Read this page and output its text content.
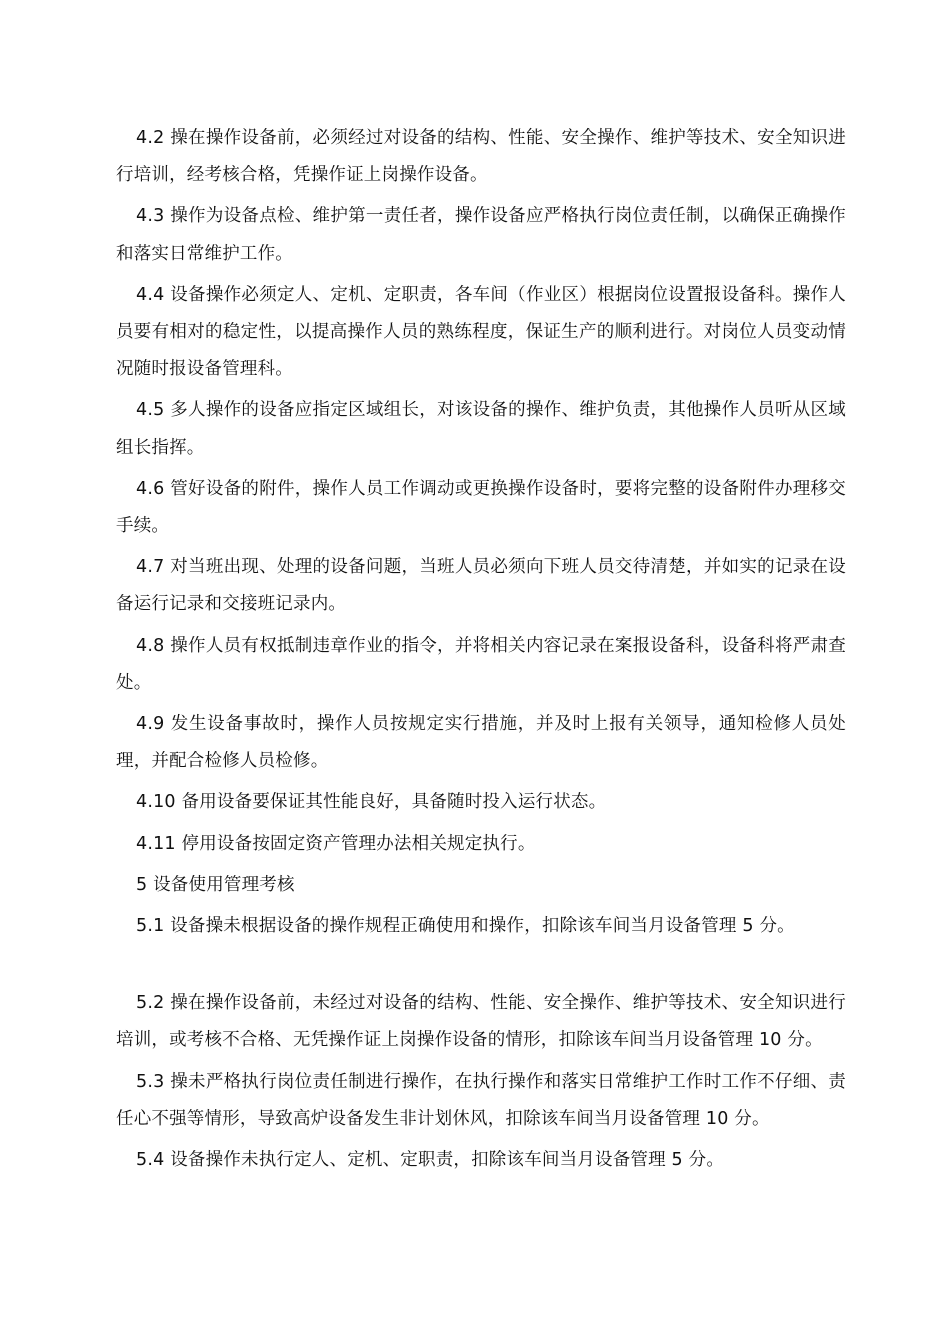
4.2 操在操作设备前，必须经过对设备的结构、性能、安全操作、维护等技术、安全知识进行培训，经考核合格，凭操作证上岗操作设备。

4.3 操作为设备点检、维护第一责任者，操作设备应严格执行岗位责任制，以确保正确操作和落实日常维护工作。

4.4 设备操作必须定人、定机、定职责，各车间（作业区）根据岗位设置报设备科。操作人员要有相对的稳定性，以提高操作人员的熟练程度，保证生产的顺利进行。对岗位人员变动情况随时报设备管理科。

4.5 多人操作的设备应指定区域组长，对该设备的操作、维护负责，其他操作人员听从区域组长指挥。

4.6 管好设备的附件，操作人员工作调动或更换操作设备时，要将完整的设备附件办理移交手续。

4.7 对当班出现、处理的设备问题，当班人员必须向下班人员交待清楚，并如实的记录在设备运行记录和交接班记录内。

4.8 操作人员有权抵制违章作业的指令，并将相关内容记录在案报设备科，设备科将严肃查处。

4.9 发生设备事故时，操作人员按规定实行措施，并及时上报有关领导，通知检修人员处理，并配合检修人员检修。

4.10 备用设备要保证其性能良好，具备随时投入运行状态。

4.11 停用设备按固定资产管理办法相关规定执行。

5 设备使用管理考核

5.1 设备操未根据设备的操作规程正确使用和操作，扣除该车间当月设备管理 5 分。

5.2 操在操作设备前，未经过对设备的结构、性能、安全操作、维护等技术、安全知识进行培训，或考核不合格、无凭操作证上岗操作设备的情形，扣除该车间当月设备管理 10 分。

5.3 操未严格执行岗位责任制进行操作，在执行操作和落实日常维护工作时工作不仔细、责任心不强等情形，导致高炉设备发生非计划休风，扣除该车间当月设备管理 10 分。

5.4 设备操作未执行定人、定机、定职责，扣除该车间当月设备管理 5 分。
